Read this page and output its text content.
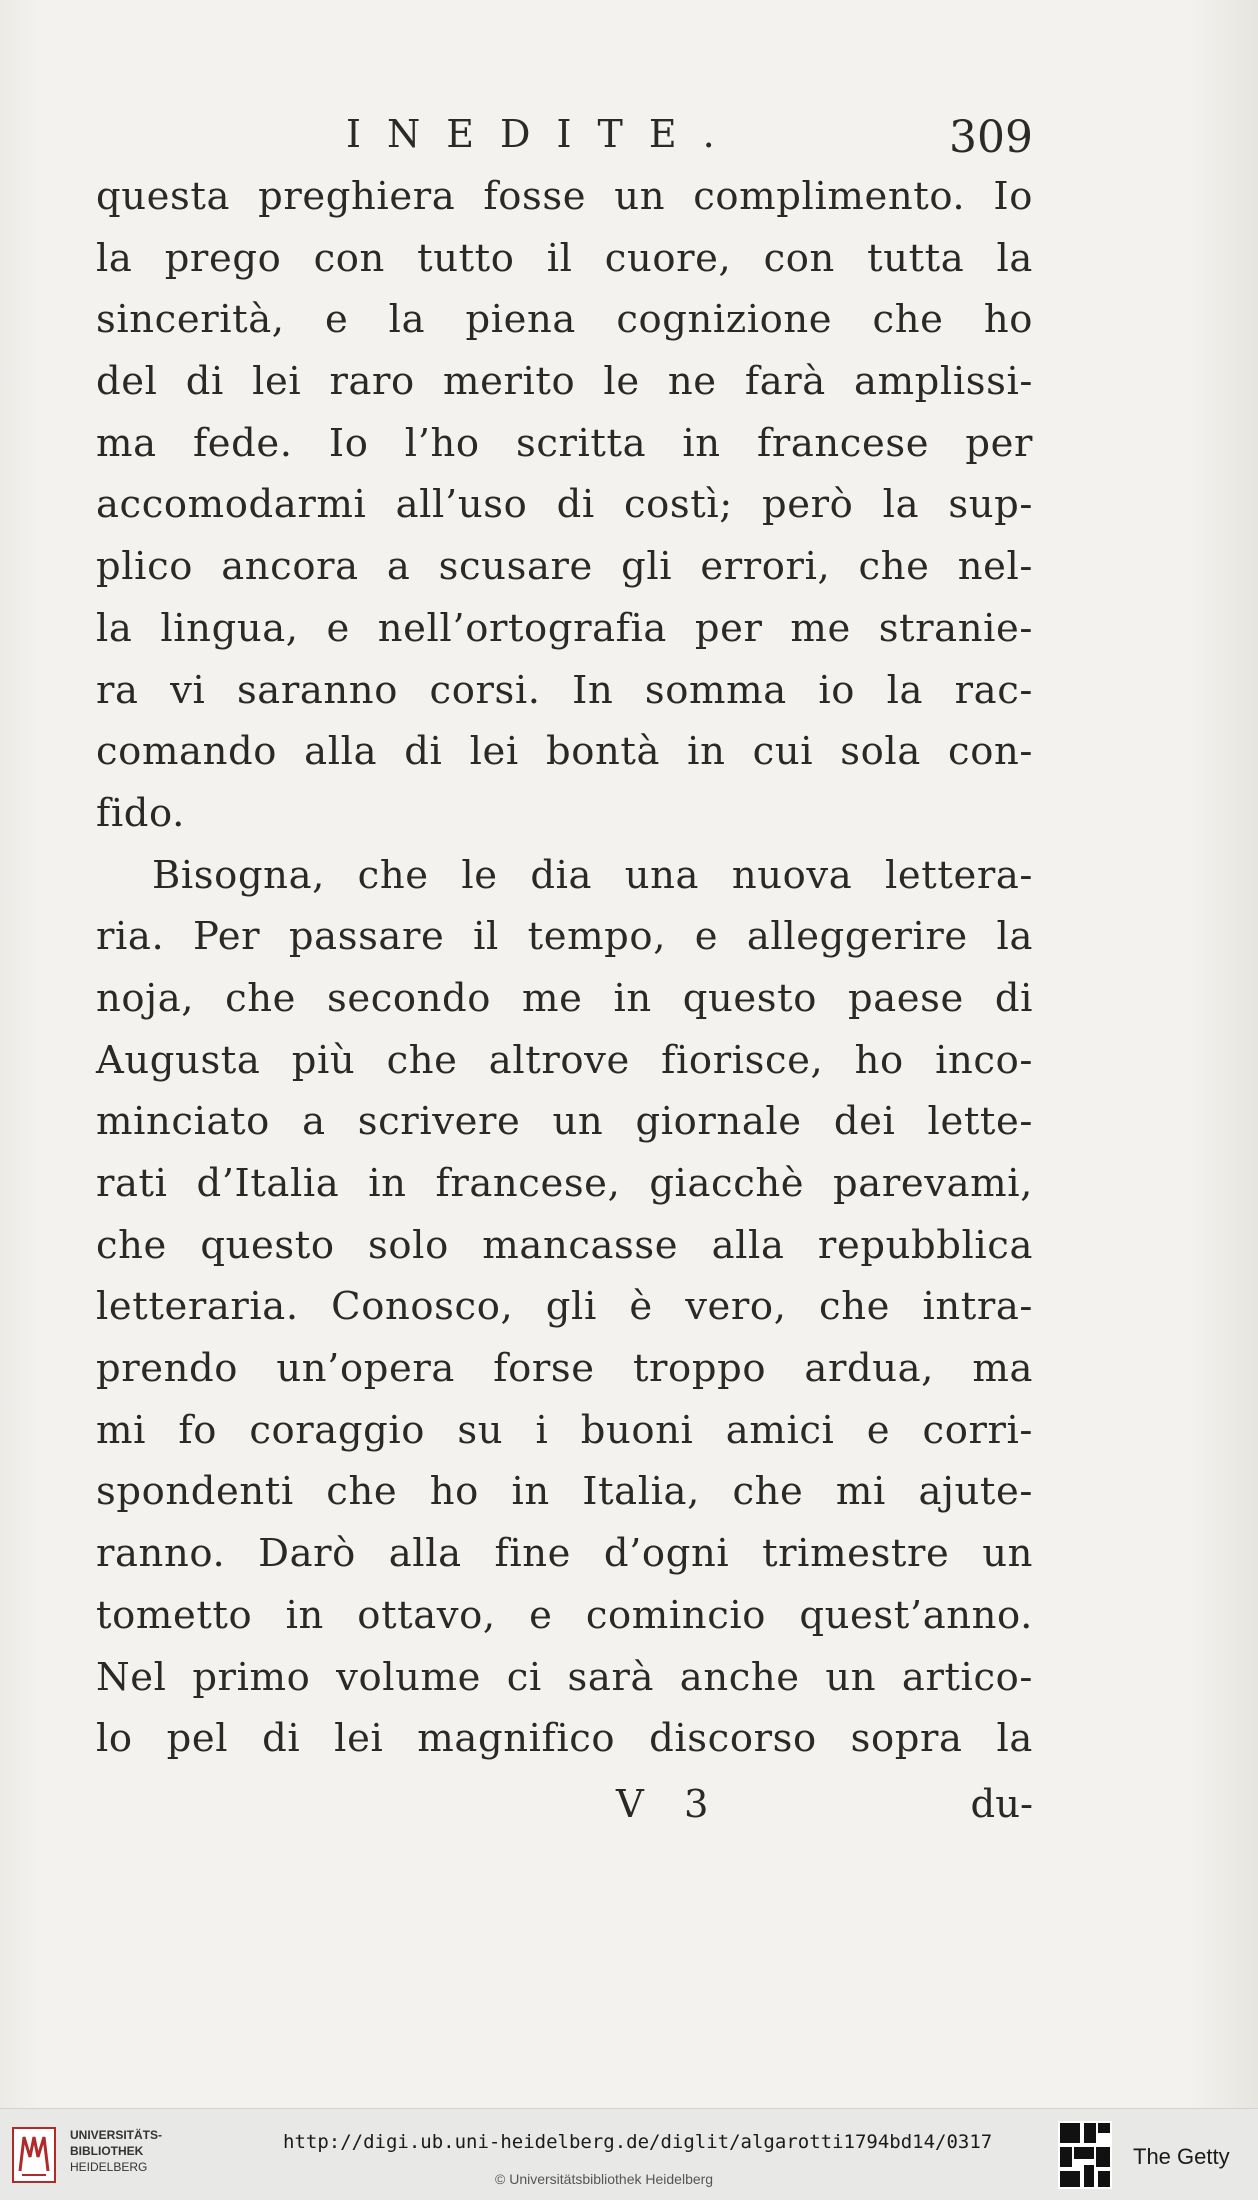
INEDITE.	309
questa preghiera fosse un complimento. Io
la prego con tutto il cuore, con tutta la
sincerità, e la piena cognizione che ho
del di lei raro merito le ne farà amplissi-
ma fede. Io l’ho scritta in francese per
accomodarmi all’uso di costì; però la sup-
plico ancora a scusare gli errori, che nel-
la lingua, e nell’ortografia per me stranie-
ra vi saranno corsi. In somma io la rac-
comando alla di lei bontà in cui sola con-
fido.
Bisogna, che le dia una nuova lettera-
ria. Per passare il tempo, e alleggerire la
noja, che secondo me in questo paese di
Augusta più che altrove fiorisce, ho inco-
minciato a scrivere un giornale dei lette-
rati d’Italia in francese, giacchè parevami,
che questo solo mancasse alla repubblica
letteraria. Conosco, gli è vero, che intra-
prendo un’opera forse troppo ardua, ma
mi fo coraggio su i buoni amici e corri-
spondenti che ho in Italia, che mi ajute-
ranno. Darò alla fine d’ogni trimestre un
tometto in ottavo, e comincio quest’anno.
Nel primo volume ci sarà anche un artico-
lo pel di lei magnifico discorso sopra la
V 3	du-
UNIVERSITÄTS-
BIBLIOTHEK
HEIDELBERG
http://digi.ub.uni-heidelberg.de/diglit/algarotti1794bd14/0317
© Universitätsbibliothek Heidelberg
The Getty
